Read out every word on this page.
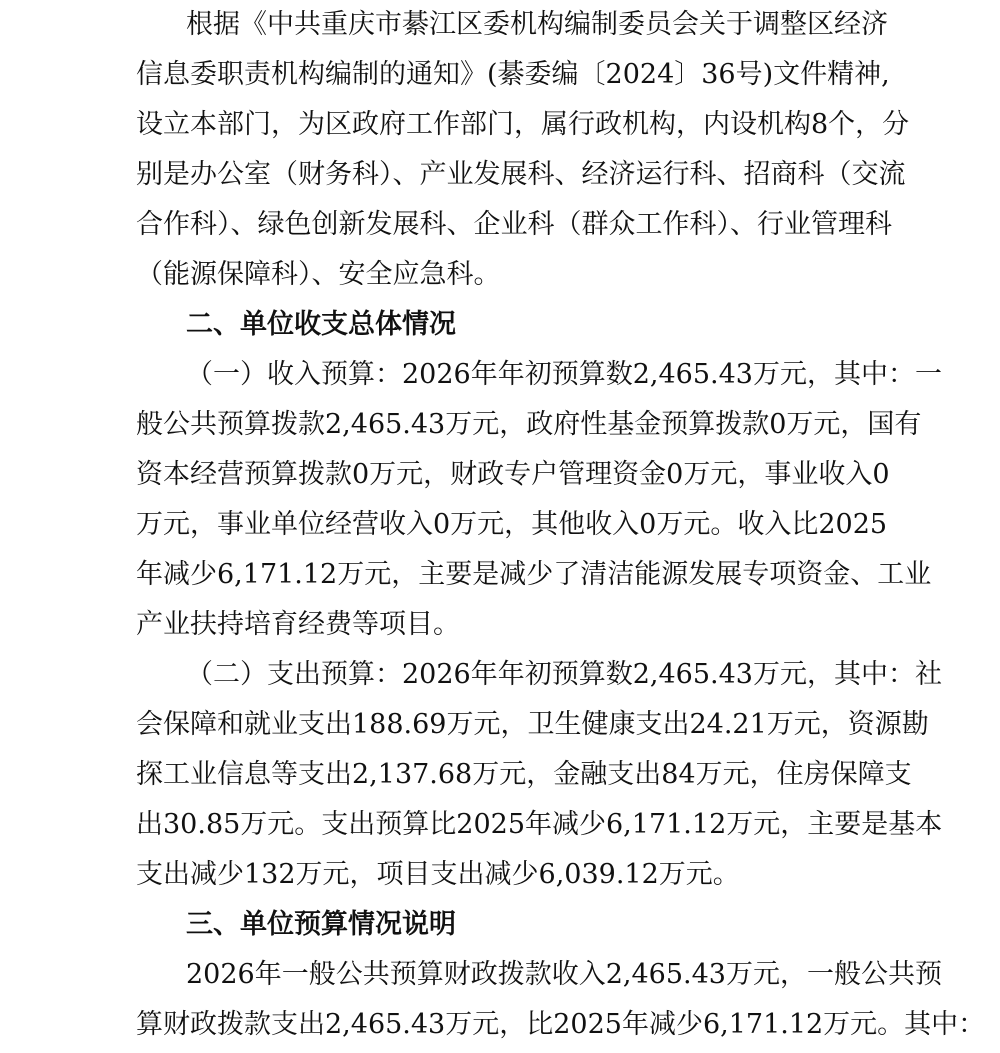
根据《中共重庆市綦江区委机构编制委员会关于调整区经济
信息委职责机构编制的通知》(綦委编〔2024〕36号)文件精神,
设立本部门，为区政府工作部门，属行政机构，内设机构8个，分
别是办公室（财务科）、产业发展科、经济运行科、招商科（交流
合作科）、绿色创新发展科、企业科（群众工作科）、行业管理科
（能源保障科）、安全应急科。
二、单位收支总体情况
（一）收入预算：2026年年初预算数2,465.43万元，其中：一
般公共预算拨款2,465.43万元，政府性基金预算拨款0万元，国有
资本经营预算拨款0万元，财政专户管理资金0万元，事业收入0
万元，事业单位经营收入0万元，其他收入0万元。收入比2025
年减少6,171.12万元，主要是减少了清洁能源发展专项资金、工业
产业扶持培育经费等项目。
（二）支出预算：2026年年初预算数2,465.43万元，其中：社
会保障和就业支出188.69万元，卫生健康支出24.21万元，资源勘
探工业信息等支出2,137.68万元，金融支出84万元，住房保障支
出30.85万元。支出预算比2025年减少6,171.12万元，主要是基本
支出减少132万元，项目支出减少6,039.12万元。
三、单位预算情况说明
2026年一般公共预算财政拨款收入2,465.43万元，一般公共预
算财政拨款支出2,465.43万元，比2025年减少6,171.12万元。其中：
